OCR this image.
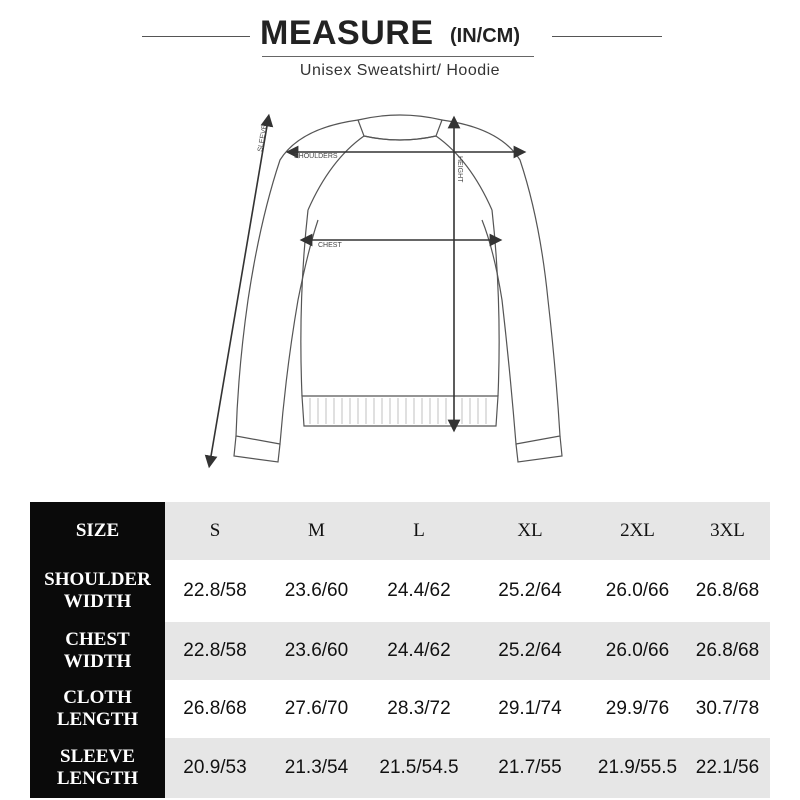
MEASURE (IN/CM)
Unisex Sweatshirt/ Hoodie
SHOULDERS
CHEST
HEIGHT
SLEEVE
SIZE	S	M	L	XL	2XL	3XL
SHOULDER
WIDTH
22.8/58	23.6/60	24.4/62	25.2/64	26.0/66	26.8/68
CHEST
WIDTH
22.8/58	23.6/60	24.4/62	25.2/64	26.0/66	26.8/68
CLOTH
LENGTH
26.8/68	27.6/70	28.3/72	29.1/74	29.9/76	30.7/78
SLEEVE
LENGTH
20.9/53	21.3/54	21.5/54.5	21.7/55	21.9/55.5 22.1/56
